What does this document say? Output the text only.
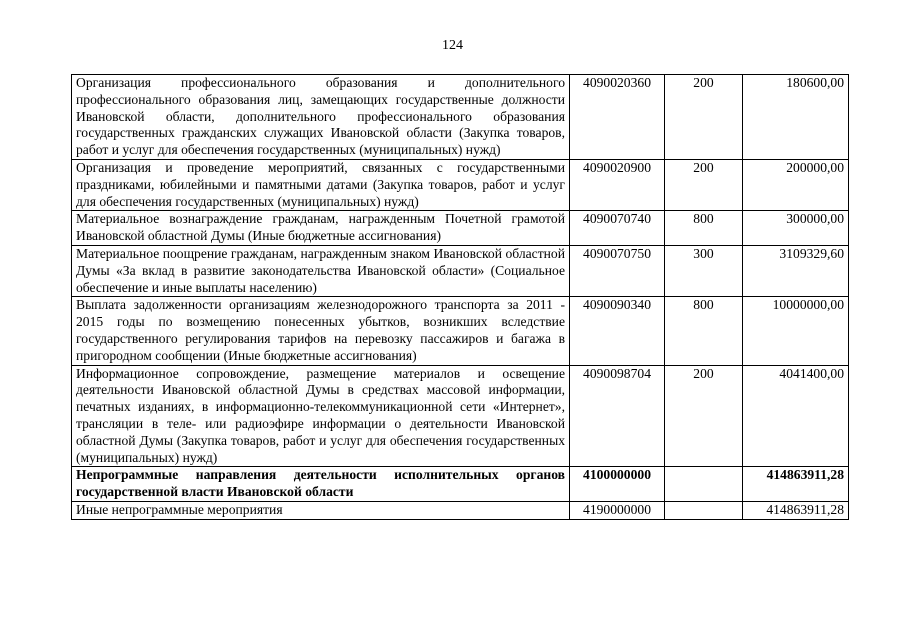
124
Организация профессионального образования и дополнительного профессионального образования лиц, замещающих государственные должности Ивановской области, дополнительного профессионального образования государственных гражданских служащих Ивановской области (Закупка товаров, работ и услуг для обеспечения государственных (муниципальных) нужд)	4090020360	200	180600,00
Организация и проведение мероприятий, связанных с государственными праздниками, юбилейными и памятными датами (Закупка товаров, работ и услуг для обеспечения государственных (муниципальных) нужд)	4090020900	200	200000,00
Материальное вознаграждение гражданам, награжденным Почетной грамотой Ивановской областной Думы (Иные бюджетные ассигнования)	4090070740	800	300000,00
Материальное поощрение гражданам, награжденным знаком Ивановской областной Думы «За вклад в развитие законодательства Ивановской области» (Социальное обеспечение и иные выплаты населению)	4090070750	300	3109329,60
Выплата задолженности организациям железнодорожного транспорта за 2011 - 2015 годы по возмещению понесенных убытков, возникших вследствие государственного регулирования тарифов на перевозку пассажиров и багажа в пригородном сообщении (Иные бюджетные ассигнования)	4090090340	800	10000000,00
Информационное сопровождение, размещение материалов и освещение деятельности Ивановской областной Думы в средствах массовой информации, печатных изданиях, в информационно-телекоммуникационной сети «Интернет», трансляции в теле- или радиоэфире информации о деятельности Ивановской областной Думы (Закупка товаров, работ и услуг для обеспечения государственных (муниципальных) нужд)	4090098704	200	4041400,00
Непрограммные направления деятельности исполнительных органов государственной власти Ивановской области	4100000000		414863911,28
Иные непрограммные мероприятия	4190000000		414863911,28
